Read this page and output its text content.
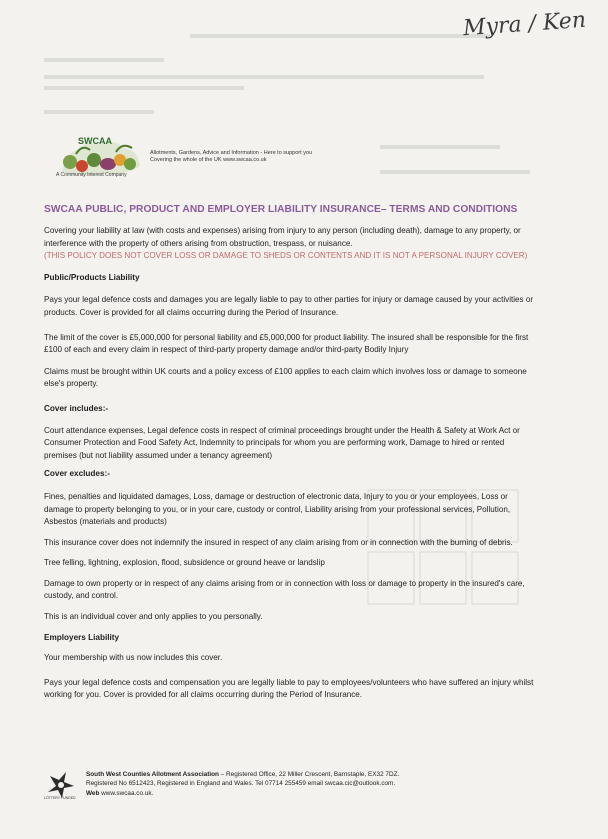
Myra / Ken
SWCAA
A Community Interest Company
Allotments, Gardens, Advice and Information - Here to support you
Covering the whole of the UK www.swcaa.co.uk
SWCAA PUBLIC, PRODUCT AND EMPLOYER LIABILITY INSURANCE– TERMS AND CONDITIONS

Covering your liability at law (with costs and expenses) arising from injury to any person (including death), damage to any property, or interference with the property of others arising from obstruction, trespass, or nuisance.
(THIS POLICY DOES NOT COVER LOSS OR DAMAGE TO SHEDS OR CONTENTS AND IT IS NOT A PERSONAL INJURY COVER)

Public/Products Liability

Pays your legal defence costs and damages you are legally liable to pay to other parties for injury or damage caused by your activities or products. Cover is provided for all claims occurring during the Period of Insurance.

The limit of the cover is £5,000,000 for personal liability and £5,000,000 for product liability. The insured shall be responsible for the first £100 of each and every claim in respect of third-party property damage and/or third-party Bodily Injury

Claims must be brought within UK courts and a policy excess of £100 applies to each claim which involves loss or damage to someone else's property.

Cover includes:-

Court attendance expenses, Legal defence costs in respect of criminal proceedings brought under the Health & Safety at Work Act or Consumer Protection and Food Safety Act, Indemnity to principals for whom you are performing work, Damage to hired or rented premises (but not liability assumed under a tenancy agreement)

Cover excludes:-

Fines, penalties and liquidated damages, Loss, damage or destruction of electronic data, Injury to you or your employees, Loss or damage to property belonging to you, or in your care, custody or control, Liability arising from your professional services, Pollution, Asbestos (materials and products)

This insurance cover does not indemnify the insured in respect of any claim arising from or in connection with the burning of debris.

Tree felling, lightning, explosion, flood, subsidence or ground heave or landslip

Damage to own property or in respect of any claims arising from or in connection with loss or damage to property in the insured's care, custody, and control.

This is an individual cover and only applies to you personally.

Employers Liability

Your membership with us now includes this cover.

Pays your legal defence costs and compensation you are legally liable to pay to employees/volunteers who have suffered an injury whilst working for you. Cover is provided for all claims occurring during the Period of Insurance.

LOTTERY FUNDED
South West Counties Allotment Association – Registered Office, 22 Miller Crescent, Barnstaple, EX32 7DZ.
Registered No 6512423, Registered in England and Wales. Tel 07714 255459 email swcaa.cic@outlook.com.
Web www.swcaa.co.uk.
